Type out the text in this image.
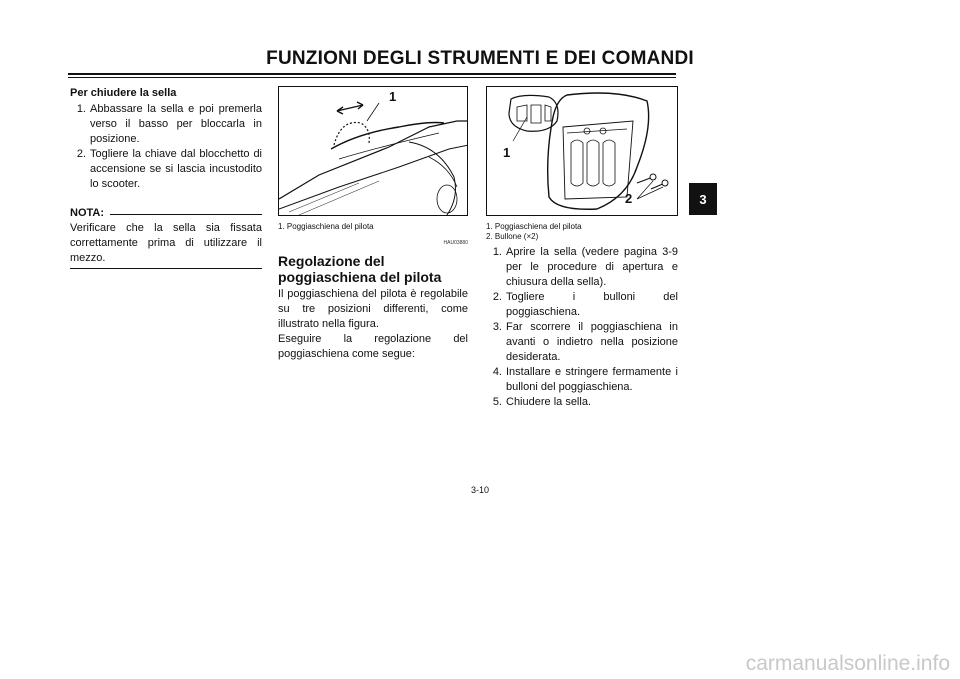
FUNZIONI DEGLI STRUMENTI E DEI COMANDI
3
Per chiudere la sella
1. Abbassare la sella e poi premerla verso il basso per bloccarla in posizione.
2. Togliere la chiave dal blocchetto di accensione se si lascia incustodito lo scooter.
NOTA:
Verificare che la sella sia fissata correttamente prima di utilizzare il mezzo.
1
1. Poggiaschiena del pilota
HAU03880
Regolazione del poggiaschiena del pilota

Il poggiaschiena del pilota è regolabile su tre posizioni differenti, come illustrato nella figura.

Eseguire la regolazione del poggiaschiena come segue:

1
2
1. Poggiaschiena del pilota
2. Bullone (×2)
1. Aprire la sella (vedere pagina 3-9 per le procedure di apertura e chiusura della sella).
2. Togliere i bulloni del poggiaschiena.
3. Far scorrere il poggiaschiena in avanti o indietro nella posizione desiderata.
4. Installare e stringere fermamente i bulloni del poggiaschiena.
5. Chiudere la sella.
3-10
carmanualsonline.info
